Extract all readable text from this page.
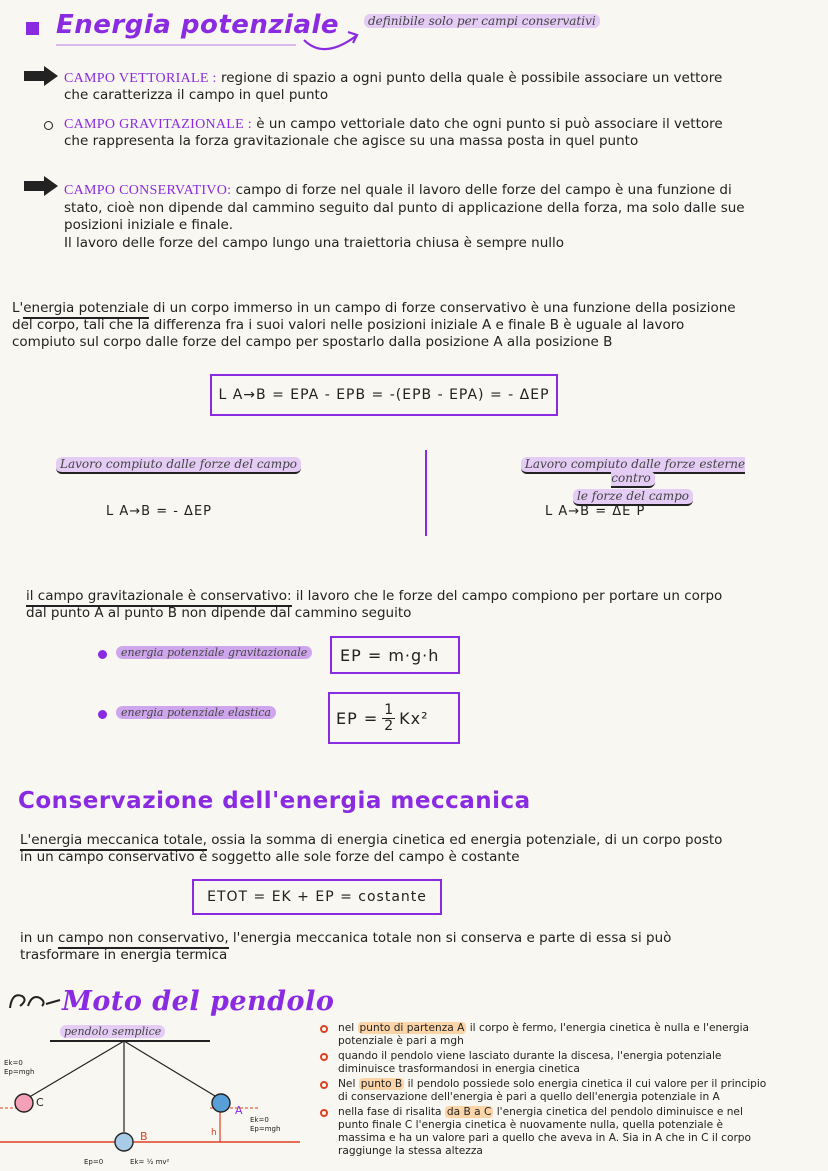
Energia potenziale	definibile solo per campi conservativi
CAMPO VETTORIALE : regione di spazio a ogni punto della quale è possibile associare un vettore
che caratterizza il campo in quel punto
CAMPO GRAVITAZIONALE : è un campo vettoriale dato che ogni punto si può associare il vettore
che rappresenta la forza gravitazionale che agisce su una massa posta in quel punto
CAMPO CONSERVATIVO: campo di forze nel quale il lavoro delle forze del campo è una funzione di
stato, cioè non dipende dal cammino seguito dal punto di applicazione della forza, ma solo dalle sue
posizioni iniziale e finale.
Il lavoro delle forze del campo lungo una traiettoria chiusa è sempre nullo
L'energia potenziale di un corpo immerso in un campo di forze conservativo è una funzione della posizione
del corpo, tali che la differenza fra i suoi valori nelle posizioni iniziale A e finale B è uguale al lavoro
compiuto sul corpo dalle forze del campo per spostarlo dalla posizione A alla posizione B
L A→B = EPA - EPB = -(EPB - EPA) = - ΔEP
Lavoro compiuto dalle forze del campo
L A→B = - ΔEP
Lavoro compiuto dalle forze esterne contro
le forze del campo
L A→B = ΔE P
il campo gravitazionale è conservativo: il lavoro che le forze del campo compiono per portare un corpo
dal punto A al punto B non dipende dal cammino seguito
energia potenziale gravitazionale	EP = m·g·h
energia potenziale elastica	EP = $\frac{1}{2} Kx^2$
Conservazione dell'energia meccanica
L'energia meccanica totale, ossia la somma di energia cinetica ed energia potenziale, di un corpo posto
in un campo conservativo è soggetto alle sole forze del campo è costante
ETOT = EK + EP = costante
in un campo non conservativo, l'energia meccanica totale non si conserva e parte di essa si può
trasformare in energia termica
Moto del pendolo
pendolo semplice
Ek=0
Ep=mgh
C
A
Ek=0
Ep=mgh
h
B
Ep=0	Ek= ½ mv²
nel punto di partenza A il corpo è fermo, l'energia cinetica è nulla e l'energia
potenziale è pari a mgh
quando il pendolo viene lasciato durante la discesa, l'energia potenziale
diminuisce trasformandosi in energia cinetica
Nel punto B il pendolo possiede solo energia cinetica il cui valore per il principio
di conservazione dell'energia è pari a quello dell'energia potenziale in A
nella fase di risalita da B a C l'energia cinetica del pendolo diminuisce e nel
punto finale C l'energia cinetica è nuovamente nulla, quella potenziale è
massima e ha un valore pari a quello che aveva in A. Sia in A che in C il corpo
raggiunge la stessa altezza
